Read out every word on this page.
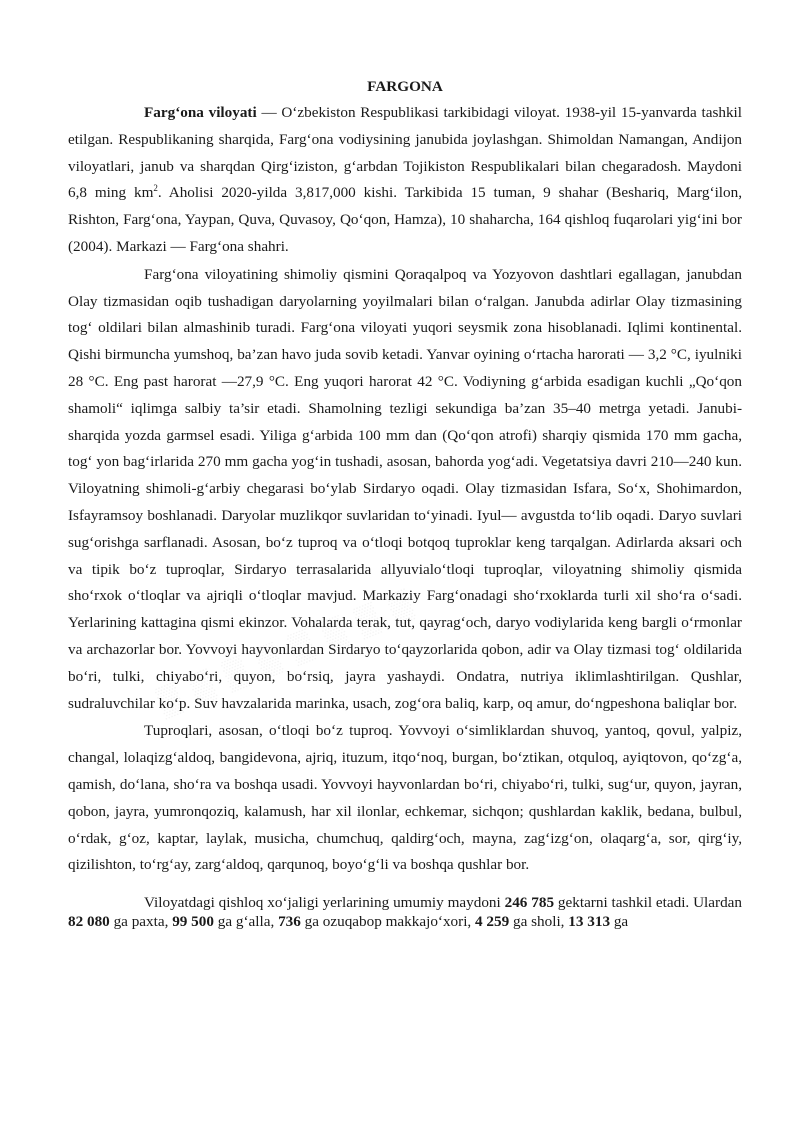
FARGONA

Farg‘ona viloyati — O‘zbekiston Respublikasi tarkibidagi viloyat. 1938-yil 15-yanvarda tashkil etilgan. Respublikaning sharqida, Farg‘ona vodiysining janubida joylashgan. Shimoldan Namangan, Andijon viloyatlari, janub va sharqdan Qirg‘iziston, g‘arbdan Tojikiston Respublikalari bilan chegaradosh. Maydoni 6,8 ming $km^2$. Aholisi 2020-yilda 3,817,000 kishi. Tarkibida 15 tuman, 9 shahar (Beshariq, Marg‘ilon, Rishton, Farg‘ona, Yaypan, Quva, Quvasoy, Qo‘qon, Hamza), 10 shaharcha, 164 qishloq fuqarolari yig‘ini bor (2004). Markazi — Farg‘ona shahri.

Farg‘ona viloyatining shimoliy qismini Qoraqalpoq va Yozyovon dashtlari egallagan, janubdan Olay tizmasidan oqib tushadigan daryolarning yoyilmalari bilan o‘ralgan. Janubda adirlar Olay tizmasining tog‘ oldilari bilan almashinib turadi. Farg‘ona viloyati yuqori seysmik zona hisoblanadi. Iqlimi kontinental. Qishi birmuncha yumshoq, ba’zan havo juda sovib ketadi. Yanvar oyining o‘rtacha harorati — 3,2 °C, iyulniki 28 °C. Eng past harorat —27,9 °C. Eng yuqori harorat 42 °C. Vodiyning g‘arbida esadigan kuchli „Qo‘qon shamoli“ iqlimga salbiy ta’sir etadi. Shamolning tezligi sekundiga ba’zan 35–40 metrga yetadi. Janubi-sharqida yozda garmsel esadi. Yiliga g‘arbida 100 mm dan (Qo‘qon atrofi) sharqiy qismida 170 mm gacha, tog‘ yon bag‘irlarida 270 mm gacha yog‘in tushadi, asosan, bahorda yog‘adi. Vegetatsiya davri 210—240 kun. Viloyatning shimoli-g‘arbiy chegarasi bo‘ylab Sirdaryo oqadi. Olay tizmasidan Isfara, So‘x, Shohimardon, Isfayramsoy boshlanadi. Daryolar muzlikqor suvlaridan to‘yinadi. Iyul— avgustda to‘lib oqadi. Daryo suvlari sug‘orishga sarflanadi. Asosan, bo‘z tuproq va o‘tloqi botqoq tuproklar keng tarqalgan. Adirlarda aksari och va tipik bo‘z tuproqlar, Sirdaryo terrasalarida allyuvialo‘tloqi tuproqlar, viloyatning shimoliy qismida sho‘rxok o‘tloqlar va ajriqli o‘tloqlar mavjud. Markaziy Farg‘onadagi sho‘rxoklarda turli xil sho‘ra o‘sadi. Yerlarining kattagina qismi ekinzor. Vohalarda terak, tut, qayrag‘och, daryo vodiylarida keng bargli o‘rmonlar va archazorlar bor. Yovvoyi hayvonlardan Sirdaryo to‘qayzorlarida qobon, adir va Olay tizmasi tog‘ oldilarida bo‘ri, tulki, chiyabo‘ri, quyon, bo‘rsiq, jayra yashaydi. Ondatra, nutriya iklimlashtirilgan. Qushlar, sudraluvchilar ko‘p. Suv havzalarida marinka, usach, zog‘ora baliq, karp, oq amur, do‘ngpeshona baliqlar bor.

Tuproqlari, asosan, o‘tloqi bo‘z tuproq. Yovvoyi o‘simliklardan shuvoq, yantoq, qovul, yalpiz, changal, lolaqizg‘aldoq, bangidevona, ajriq, ituzum, itqo‘noq, burgan, bo‘ztikan, otquloq, ayiqtovon, qo‘zg‘a, qamish, do‘lana, sho‘ra va boshqa usadi. Yovvoyi hayvonlardan bo‘ri, chiyabo‘ri, tulki, sug‘ur, quyon, jayran, qobon, jayra, yumronqoziq, kalamush, har xil ilonlar, echkemar, sichqon; qushlardan kaklik, bedana, bulbul, o‘rdak, g‘oz, kaptar, laylak, musicha, chumchuq, qaldirg‘och, mayna, zag‘izg‘on, olaqarg‘a, sor, qirg‘iy, qizilishton, to‘rg‘ay, zarg‘aldoq, qarqunoq, boyo‘g‘li va boshqa qushlar bor.

Viloyatdagi qishloq xo‘jaligi yerlarining umumiy maydoni 246 785 gektarni tashkil etadi. Ulardan 82 080 ga paxta, 99 500 ga g‘alla, 736 ga ozuqabop makkajo‘xori, 4 259 ga sholi, 13 313 ga
